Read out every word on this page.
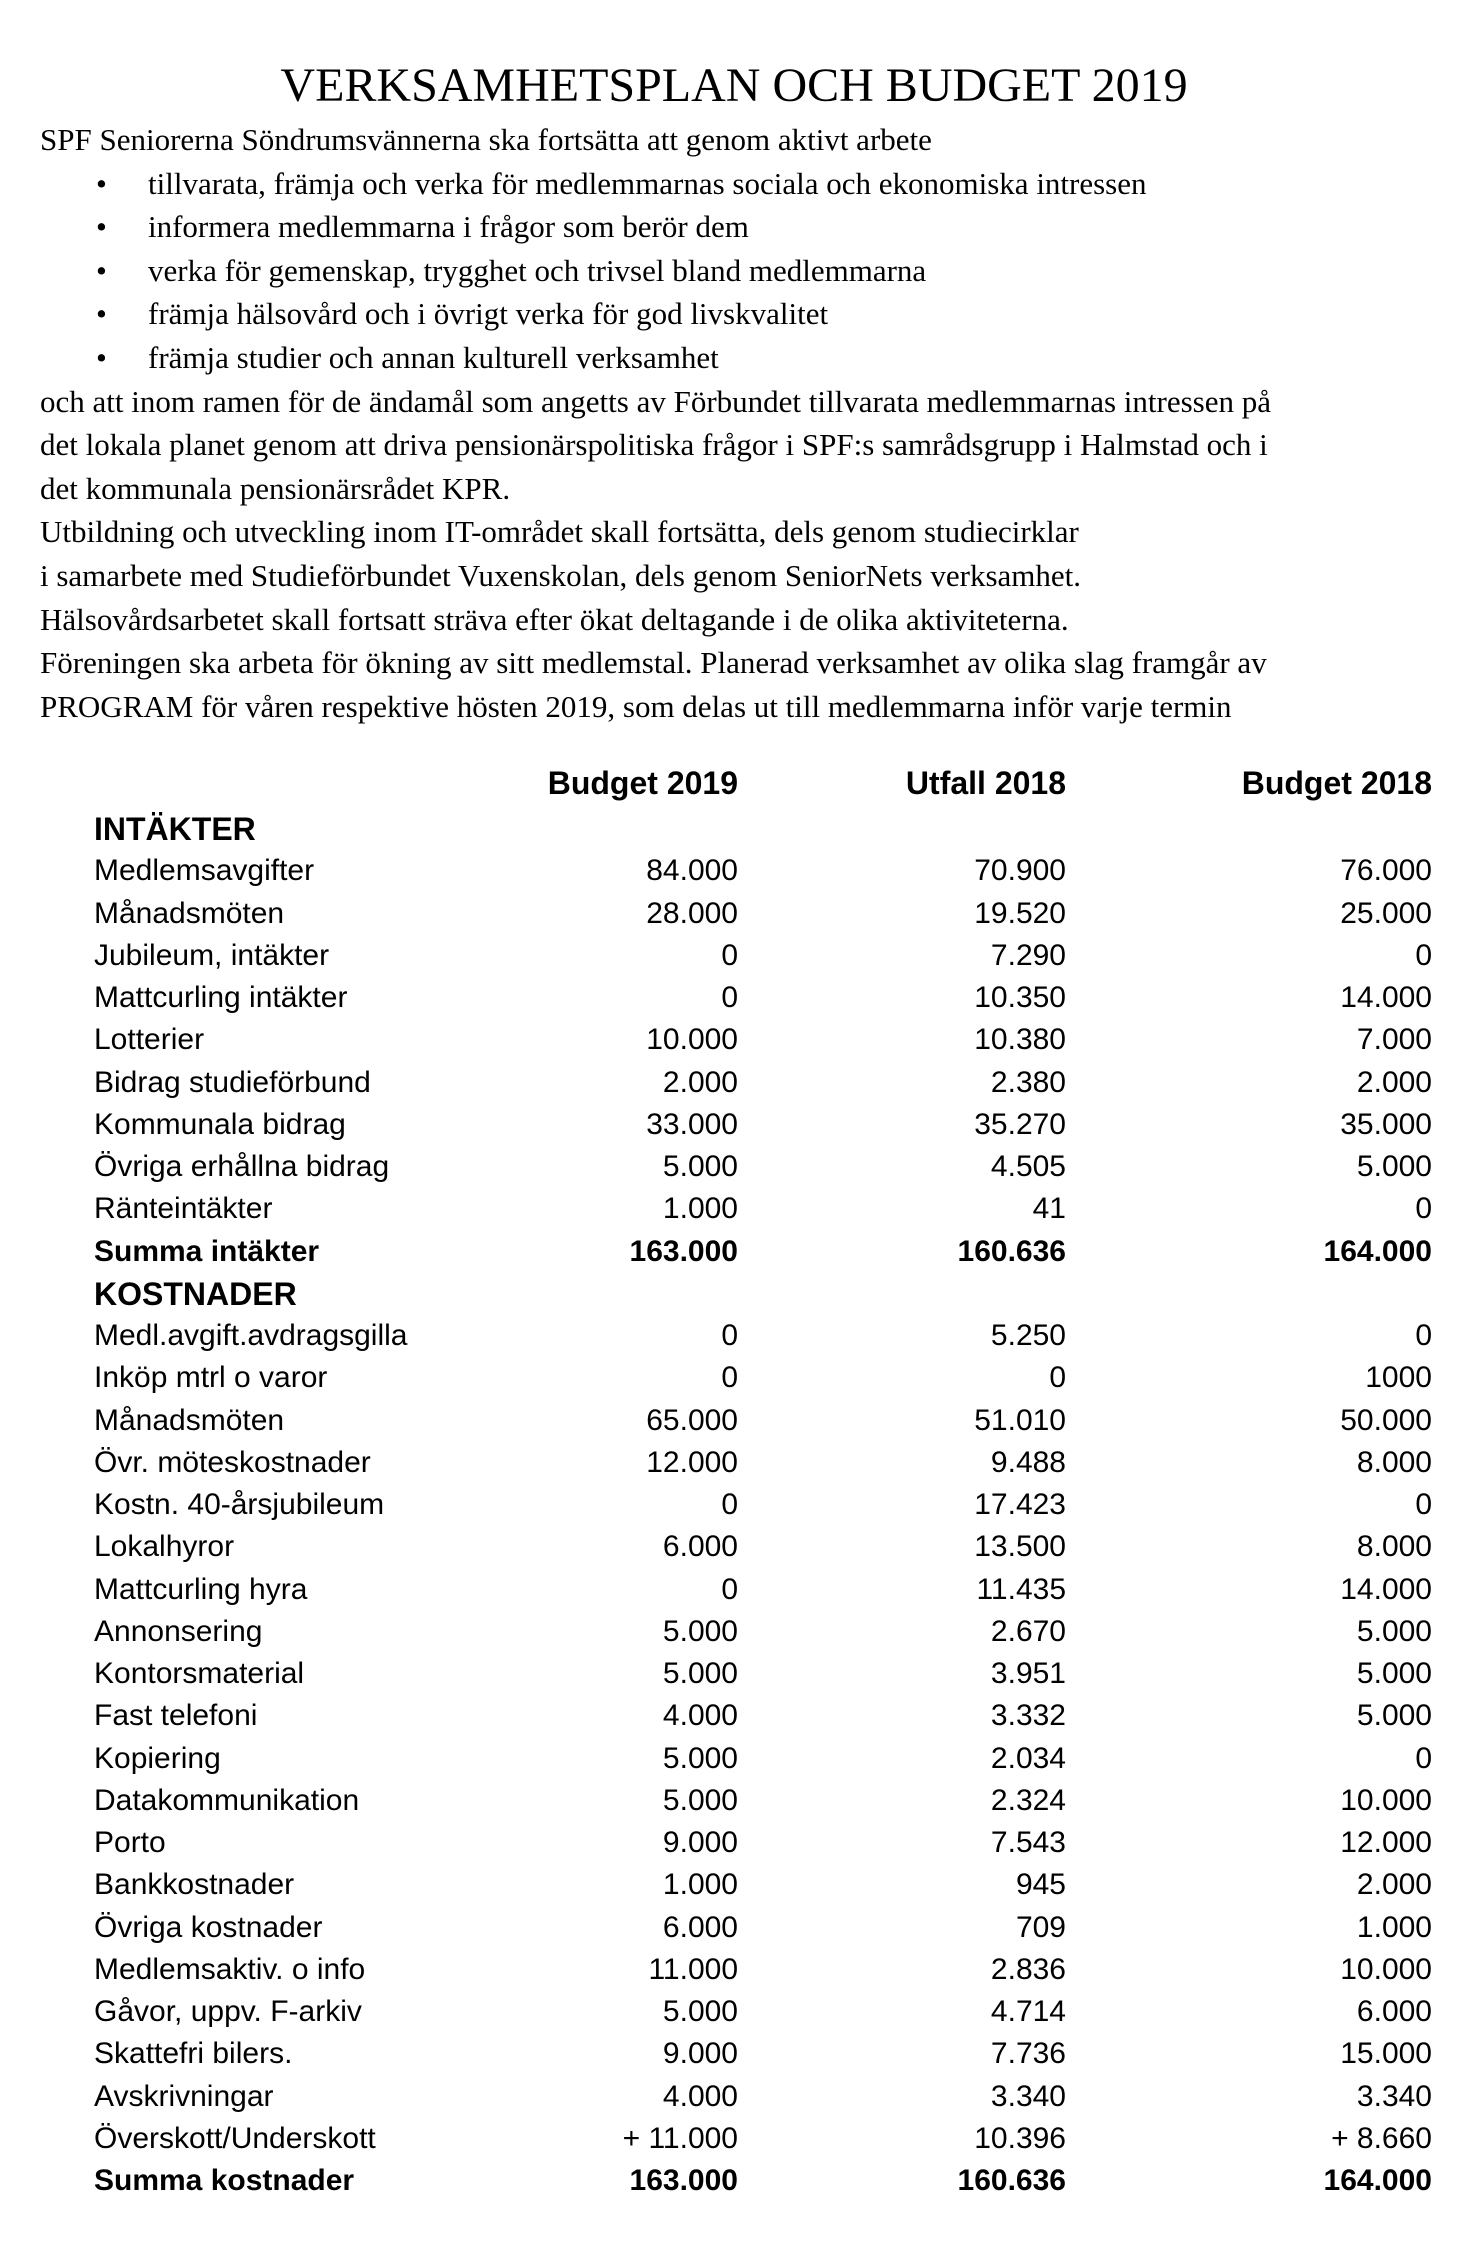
VERKSAMHETSPLAN OCH BUDGET 2019
SPF Seniorerna Söndrumsvännerna ska fortsätta att genom aktivt arbete
• tillvarata, främja och verka för medlemmarnas sociala och ekonomiska intressen
• informera medlemmarna i frågor som berör dem
• verka för gemenskap, trygghet och trivsel bland medlemmarna
• främja hälsovård och i övrigt verka för god livskvalitet
• främja studier och annan kulturell verksamhet
och att inom ramen för de ändamål som angetts av Förbundet tillvarata medlemmarnas intressen på
det lokala planet genom att driva pensionärspolitiska frågor i SPF:s samrådsgrupp i Halmstad och i
det kommunala pensionärsrådet KPR.
Utbildning och utveckling inom IT-området skall fortsätta, dels genom studiecirklar
i samarbete med Studieförbundet Vuxenskolan, dels genom SeniorNets verksamhet.
Hälsovårdsarbetet skall fortsatt sträva efter ökat deltagande i de olika aktiviteterna.
Föreningen ska arbeta för ökning av sitt medlemstal. Planerad verksamhet av olika slag framgår av
PROGRAM för våren respektive hösten 2019, som delas ut till medlemmarna inför varje termin
Budget 2019	Utfall 2018	Budget 2018
INTÄKTER
Medlemsavgifter	84.000	70.900	76.000
Månadsmöten	28.000	19.520	25.000
Jubileum, intäkter	0	7.290	0
Mattcurling intäkter	0	10.350	14.000
Lotterier	10.000	10.380	7.000
Bidrag studieförbund	2.000	2.380	2.000
Kommunala bidrag	33.000	35.270	35.000
Övriga erhållna bidrag	5.000	4.505	5.000
Ränteintäkter	1.000	41	0
Summa intäkter	163.000	160.636	164.000
KOSTNADER
Medl.avgift.avdragsgilla	0	5.250	0
Inköp mtrl o varor	0	0	1000
Månadsmöten	65.000	51.010	50.000
Övr. möteskostnader	12.000	9.488	8.000
Kostn. 40-årsjubileum	0	17.423	0
Lokalhyror	6.000	13.500	8.000
Mattcurling hyra	0	11.435	14.000
Annonsering	5.000	2.670	5.000
Kontorsmaterial	5.000	3.951	5.000
Fast telefoni	4.000	3.332	5.000
Kopiering	5.000	2.034	0
Datakommunikation	5.000	2.324	10.000
Porto	9.000	7.543	12.000
Bankkostnader	1.000	945	2.000
Övriga kostnader	6.000	709	1.000
Medlemsaktiv. o info	11.000	2.836	10.000
Gåvor, uppv. F-arkiv	5.000	4.714	6.000
Skattefri bilers.	9.000	7.736	15.000
Avskrivningar	4.000	3.340	3.340
Överskott/Underskott	+ 11.000	10.396	+ 8.660
Summa kostnader	163.000	160.636	164.000
